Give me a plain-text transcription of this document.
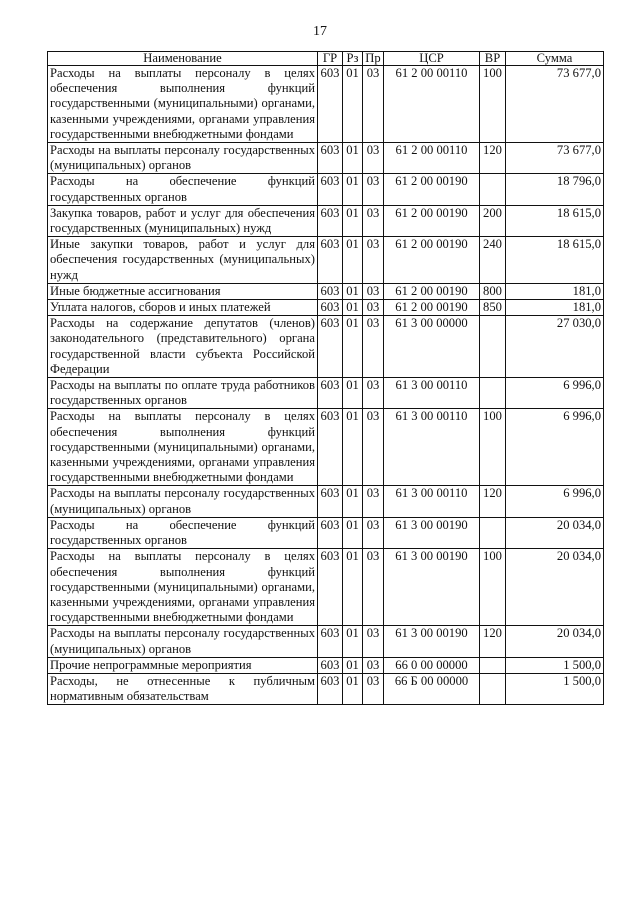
17
Наименование	ГР	Рз	Пр	ЦСР	ВР	Сумма
Расходы на выплаты персоналу в целях обеспечения выполнения функций государственными (муниципальными) органами, казенными учреждениями, органами управления государственными внебюджетными фондами	603	01	03	61 2 00 00110	100	73 677,0
Расходы на выплаты персоналу государственных (муниципальных) органов	603	01	03	61 2 00 00110	120	73 677,0
Расходы на обеспечение функций государственных органов	603	01	03	61 2 00 00190		18 796,0
Закупка товаров, работ и услуг для обеспечения государственных (муниципальных) нужд	603	01	03	61 2 00 00190	200	18 615,0
Иные закупки товаров, работ и услуг для обеспечения государственных (муниципальных) нужд	603	01	03	61 2 00 00190	240	18 615,0
Иные бюджетные ассигнования	603	01	03	61 2 00 00190	800	181,0
Уплата налогов, сборов и иных платежей	603	01	03	61 2 00 00190	850	181,0
Расходы на содержание депутатов (членов) законодательного (представительного) органа государственной власти субъекта Российской Федерации	603	01	03	61 3 00 00000		27 030,0
Расходы на выплаты по оплате труда работников государственных органов	603	01	03	61 3 00 00110		6 996,0
Расходы на выплаты персоналу в целях обеспечения выполнения функций государственными (муниципальными) органами, казенными учреждениями, органами управления государственными внебюджетными фондами	603	01	03	61 3 00 00110	100	6 996,0
Расходы на выплаты персоналу государственных (муниципальных) органов	603	01	03	61 3 00 00110	120	6 996,0
Расходы на обеспечение функций государственных органов	603	01	03	61 3 00 00190		20 034,0
Расходы на выплаты персоналу в целях обеспечения выполнения функций государственными (муниципальными) органами, казенными учреждениями, органами управления государственными внебюджетными фондами	603	01	03	61 3 00 00190	100	20 034,0
Расходы на выплаты персоналу государственных (муниципальных) органов	603	01	03	61 3 00 00190	120	20 034,0
Прочие непрограммные мероприятия	603	01	03	66 0 00 00000		1 500,0
Расходы, не отнесенные к публичным нормативным обязательствам	603	01	03	66 Б 00 00000		1 500,0
